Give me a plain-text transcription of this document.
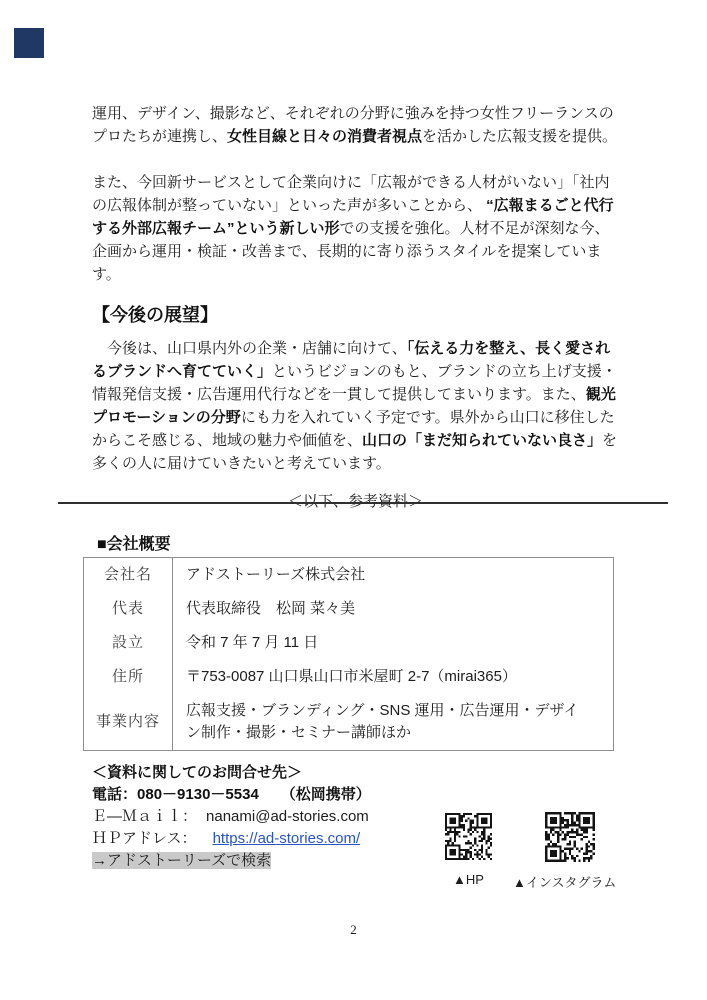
運用、デザイン、撮影など、それぞれの分野に強みを持つ女性フリーランスの
プロたちが連携し、女性目線と日々の消費者視点を活かした広報支援を提供。

また、今回新サービスとして企業向けに「広報ができる人材がいない」「社内
の広報体制が整っていない」といった声が多いことから、 “広報まるごと代行
する外部広報チーム”という新しい形での支援を強化。人材不足が深刻な今、
企画から運用・検証・改善まで、長期的に寄り添うスタイルを提案しています。

【今後の展望】

　今後は、山口県内外の企業・店舗に向けて、「伝える力を整え、長く愛され
るブランドへ育てていく」というビジョンのもと、ブランドの立ち上げ支援・
情報発信支援・広告運用代行などを一貫して提供してまいります。また、観光
プロモーションの分野にも力を入れていく予定です。県外から山口に移住した
からこそ感じる、地域の魅力や価値を、山口の「まだ知られていない良さ」を
多くの人に届けていきたいと考えています。

■会社概要
会社名	アドストーリーズ株式会社
代表	代表取締役　松岡 菜々美
設立	令和 7 年 7 月 11 日
住所	〒753-0087 山口県山口市米屋町 2-7（mirai365）
事業内容	広報支援・ブランディング・SNS 運用・広告運用・デザイ
ン制作・撮影・セミナー講師ほか
＜資料に関してのお問合せ先＞
電話：080－9130－5534 （松岡携帯）
Ｅ―Ｍａｉｌ： nanami@ad-stories.com
ＨＰアドレス： https://ad-stories.com/
→アドストーリーズで検索
▲HP ▲インスタグラム
2
